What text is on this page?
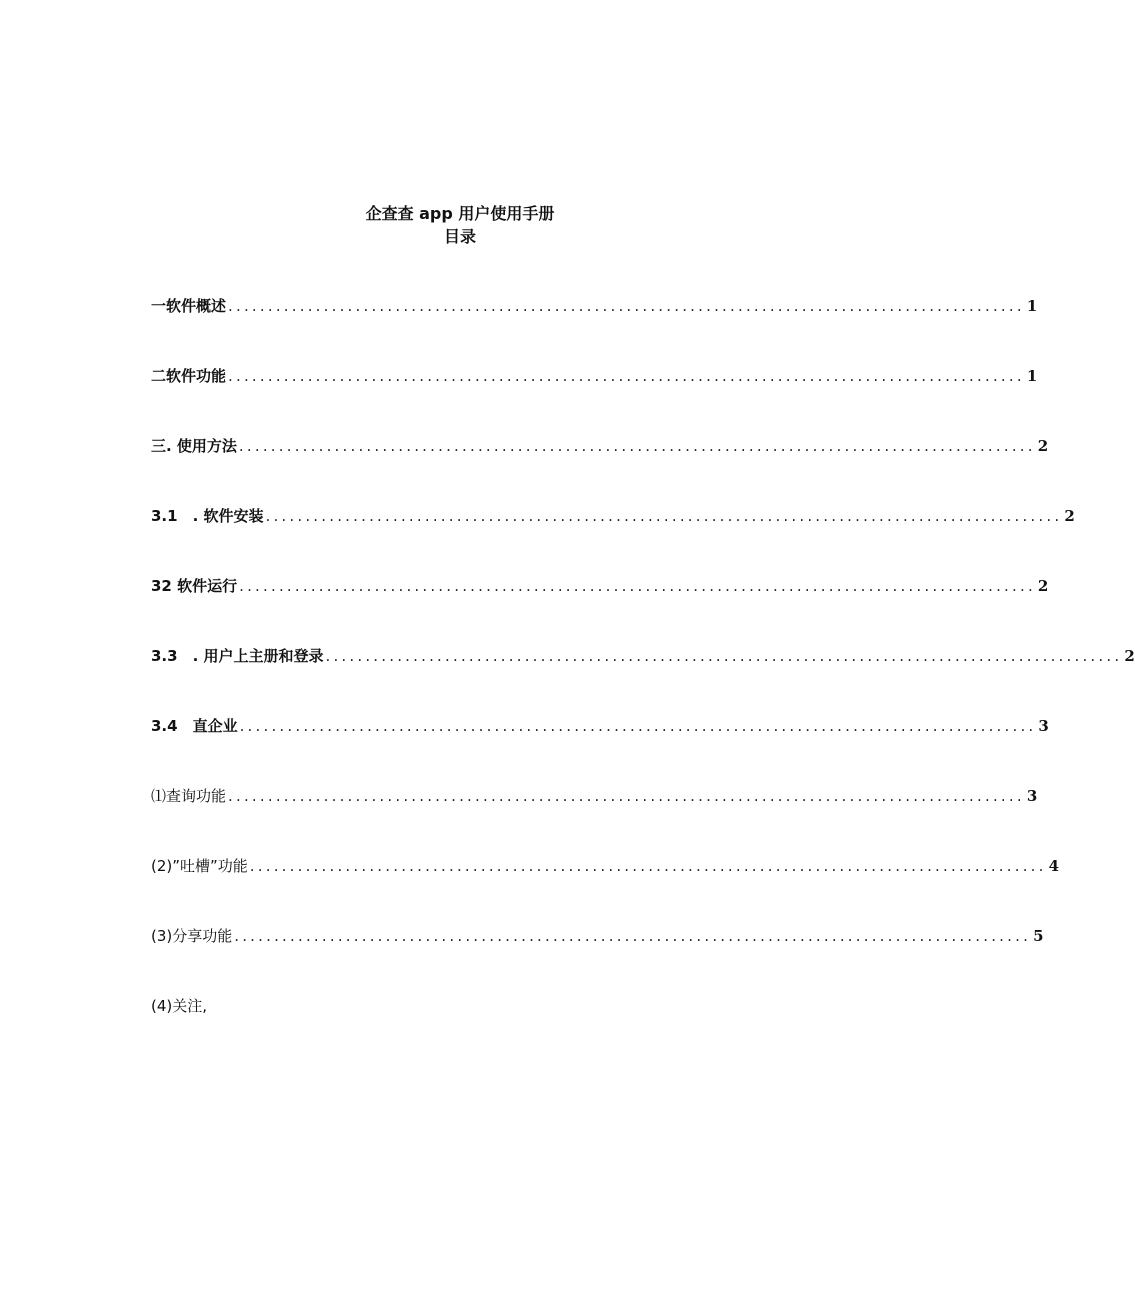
企查查 app 用户使用手册
目录
一软件概述 .................................................................................................... 1
二软件功能 .................................................................................................... 1
三. 使用方法 .................................................................................................... 2
3.1　. 软件安装 .................................................................................................... 2
32 软件运行 .................................................................................................... 2
3.3　. 用户上主册和登录 .................................................................................................... 2
3.4　直企业 .................................................................................................... 3
⑴查询功能 .................................................................................................... 3
(2)”吐槽”功能 .................................................................................................... 4
(3)分享功能 .................................................................................................... 5
(4)关注,
